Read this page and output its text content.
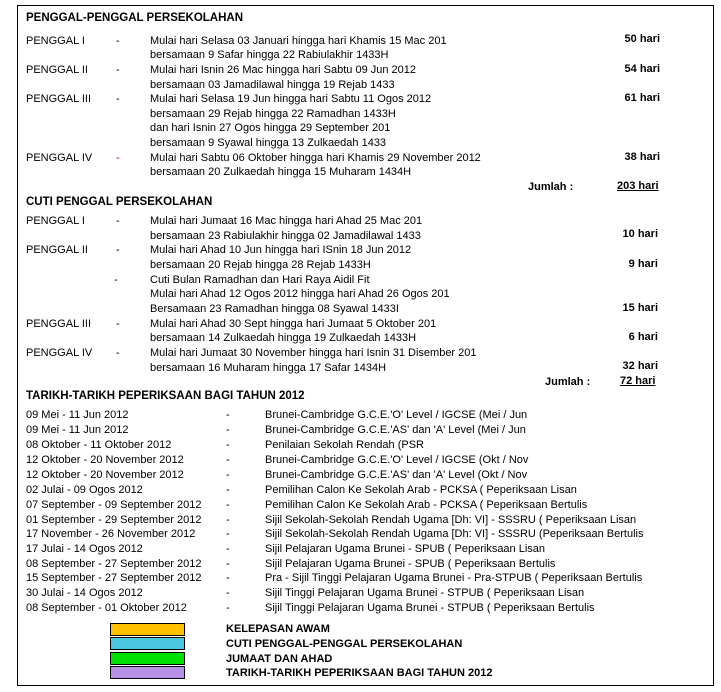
PENGGAL-PENGGAL PERSEKOLAHAN
PENGGAL I	-	Mulai hari Selasa 03 Januari hingga hari Khamis 15 Mac 201
bersamaan 9 Safar hingga 22 Rabiulakhir 1433H
50 hari
PENGGAL II	-	Mulai hari Isnin 26 Mac hingga hari Sabtu 09 Jun 2012
bersamaan 03 Jamadilawal hingga 19 Rejab 1433
54 hari
PENGGAL III -	Mulai hari Selasa 19 Jun hingga hari Sabtu 11 Ogos 2012
bersamaan 29 Rejab hingga 22 Ramadhan 1433H
dan hari Isnin 27 Ogos hingga 29 September 201
bersamaan 9 Syawal hingga 13 Zulkaedah 1433
61 hari
PENGGAL IV -	Mulai hari Sabtu 06 Oktober hingga hari Khamis 29 November 2012
bersamaan 20 Zulkaedah hingga 15 Muharam 1434H
38 hari
Jumlah :	203 hari
CUTI PENGGAL PERSEKOLAHAN
PENGGAL I	-	Mulai hari Jumaat 16 Mac hingga hari Ahad 25 Mac 201
bersamaan 23 Rabiulakhir hingga 02 Jamadilawal 1433	10 hari
PENGGAL II	-	Mulai hari Ahad 10 Jun hingga hari ISnin 18 Jun 2012
bersamaan 20 Rejab hingga 28 Rejab 1433H	9 hari
-	Cuti Bulan Ramadhan dan Hari Raya Aidil Fit
Mulai hari Ahad 12 Ogos 2012 hingga hari Ahad 26 Ogos 201
Bersamaan 23 Ramadhan hingga 08 Syawal 1433I	15 hari
PENGGAL III -	Mulai hari Ahad 30 Sept hingga hari Jumaat 5 Oktober 201
bersamaan 14 Zulkaedah hingga 19 Zulkaedah 1433H	6 hari
PENGGAL IV -	Mulai hari Jumaat 30 November hingga hari Isnin 31 Disember 201
bersamaan 16 Muharam hingga 17 Safar 1434H	32 hari
Jumlah :	72 hari
TARIKH-TARIKH PEPERIKSAAN BAGI TAHUN 2012
09 Mei - 11 Jun 2012	-	Brunei-Cambridge G.C.E.'O' Level / IGCSE (Mei / Jun
09 Mei - 11 Jun 2012	-	Brunei-Cambridge G.C.E.'AS' dan 'A' Level (Mei / Jun
08 Oktober - 11 Oktober 2012	-	Penilaian Sekolah Rendah (PSR
12 Oktober - 20 November 2012	-	Brunei-Cambridge G.C.E.'O' Level / IGCSE (Okt / Nov
12 Oktober - 20 November 2012	-	Brunei-Cambridge G.C.E.'AS' dan 'A' Level (Okt / Nov
02 Julai - 09 Ogos 2012	-	Pemilihan Calon Ke Sekolah Arab - PCKSA ( Peperiksaan Lisan
07 September - 09 September 2012	-	Pemilihan Calon Ke Sekolah Arab - PCKSA ( Peperiksaan Bertulis
01 September - 29 September 2012	-	Sijil Sekolah-Sekolah Rendah Ugama [Dh: VI] - SSSRU ( Peperiksaan Lisan
17 November - 26 November 2012	-	Sijil Sekolah-Sekolah Rendah Ugama [Dh: VI] - SSSRU (Peperiksaan Bertulis
17 Julai - 14 Ogos 2012	-	Sijil Pelajaran Ugama Brunei - SPUB ( Peperiksaan Lisan
08 September - 27 September 2012	-	Sijil Pelajaran Ugama Brunei - SPUB ( Peperiksaan Bertulis
15 September - 27 September 2012	-	Pra - Sijil Tinggi Pelajaran Ugama Brunei - Pra-STPUB ( Peperiksaan Bertulis
30 Julai - 14 Ogos 2012	-	Sijil Tinggi Pelajaran Ugama Brunei - STPUB ( Peperiksaan Lisan
08 September - 01 Oktober 2012	-	Sijil Tinggi Pelajaran Ugama Brunei - STPUB ( Peperiksaan Bertulis
KELEPASAN AWAM
CUTI PENGGAL-PENGGAL PERSEKOLAHAN
JUMAAT DAN AHAD
TARIKH-TARIKH PEPERIKSAAN BAGI TAHUN 2012
